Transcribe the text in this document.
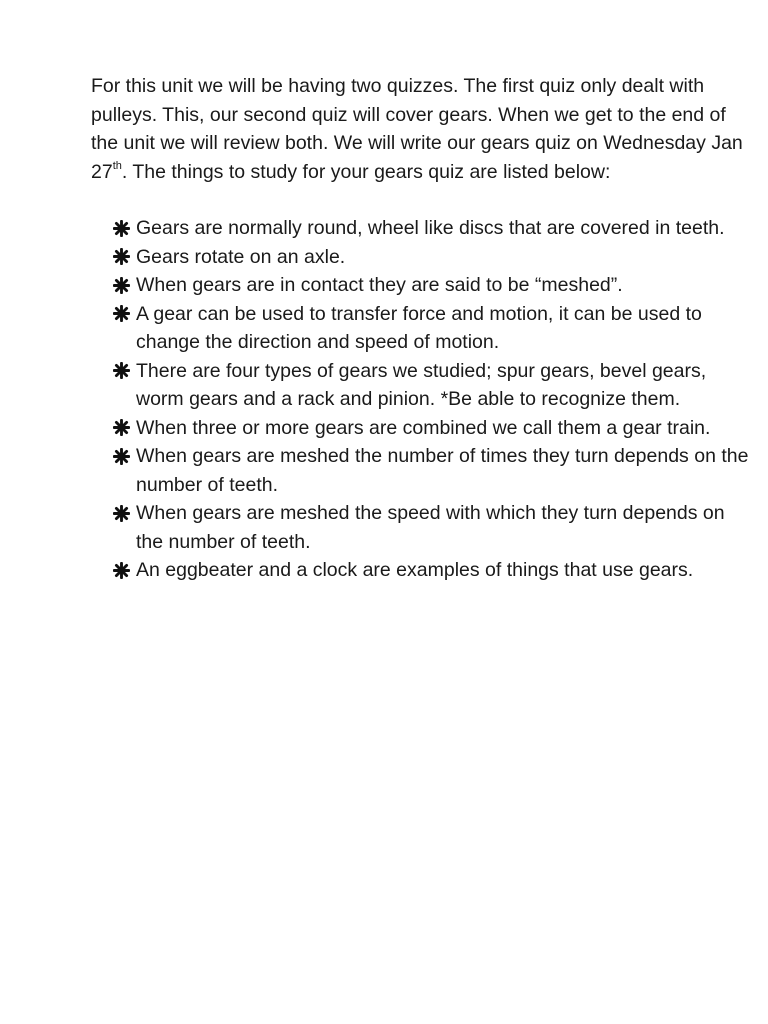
For this unit we will be having two quizzes. The first quiz only dealt with pulleys. This, our second quiz will cover gears. When we get to the end of the unit we will review both. We will write our gears quiz on Wednesday Jan 27th. The things to study for your gears quiz are listed below:

Gears are normally round, wheel like discs that are covered in teeth.
Gears rotate on an axle.
When gears are in contact they are said to be “meshed”.
A gear can be used to transfer force and motion, it can be used to change the direction and speed of motion.
There are four types of gears we studied; spur gears, bevel gears, worm gears and a rack and pinion. *Be able to recognize them.
When three or more gears are combined we call them a gear train.
When gears are meshed the number of times they turn depends on the number of teeth.
When gears are meshed the speed with which they turn depends on the number of teeth.
An eggbeater and a clock are examples of things that use gears.
